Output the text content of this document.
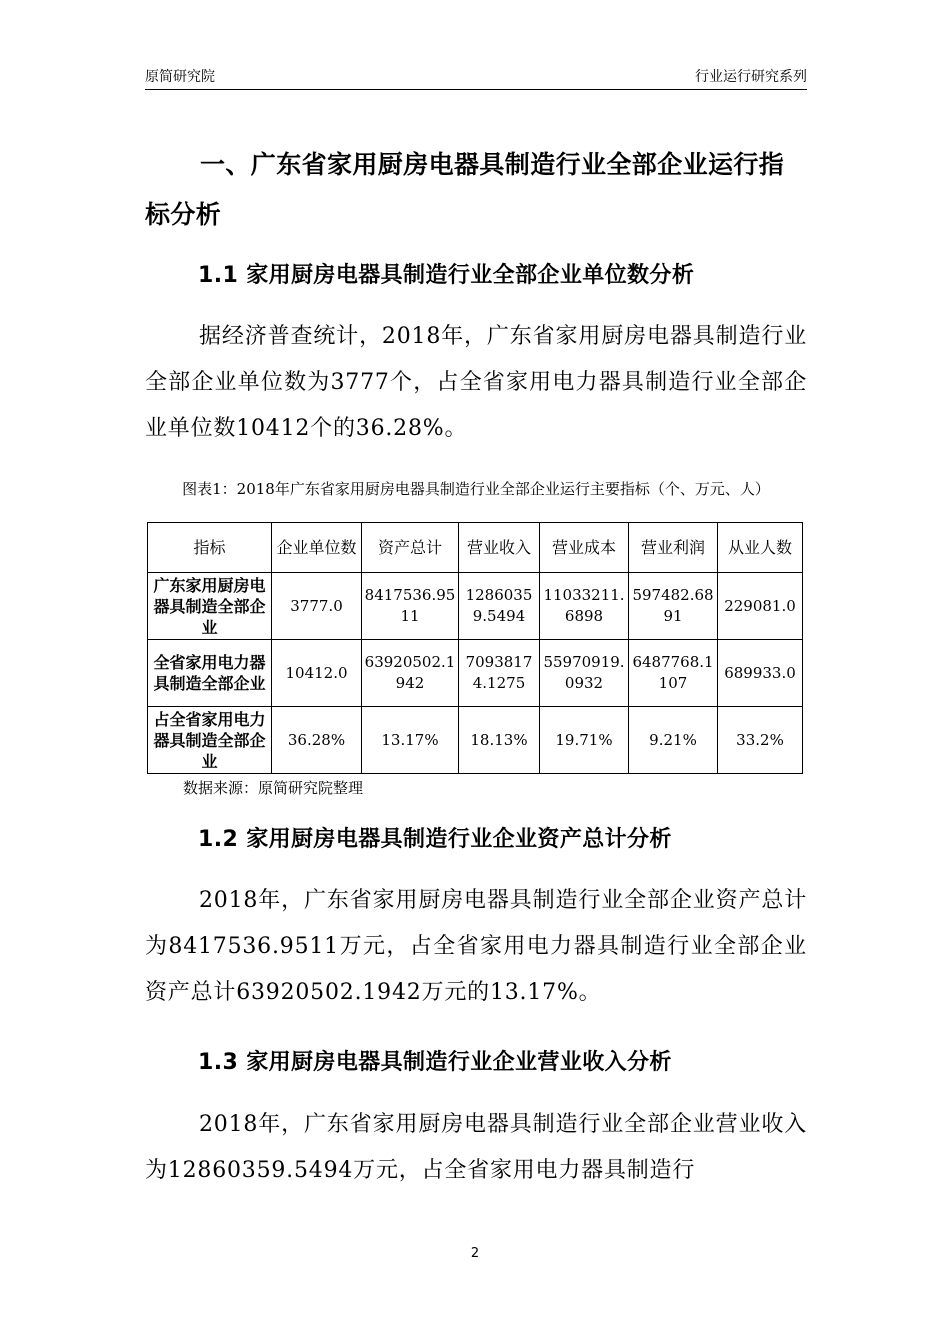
原简研究院	行业运行研究系列
一、广东省家用厨房电器具制造行业全部企业运行指标分析
1.1 家用厨房电器具制造行业全部企业单位数分析
据经济普查统计，2018年，广东省家用厨房电器具制造行业全部企业单位数为3777个，占全省家用电力器具制造行业全部企业单位数10412个的36.28%。
图表1：2018年广东省家用厨房电器具制造行业全部企业运行主要指标（个、万元、人）
指标	企业单位数	资产总计	营业收入	营业成本	营业利润	从业人数
广东家用厨房电器具制造全部企业	3777.0	8417536.9511	12860359.5494	11033211.6898	597482.6891	229081.0
全省家用电力器具制造全部企业	10412.0	63920502.1942	70938174.1275	55970919.0932	6487768.1107	689933.0
占全省家用电力器具制造全部企业	36.28%	13.17%	18.13%	19.71%	9.21%	33.2%
数据来源：原简研究院整理
1.2 家用厨房电器具制造行业企业资产总计分析
2018年，广东省家用厨房电器具制造行业全部企业资产总计为8417536.9511万元，占全省家用电力器具制造行业全部企业资产总计63920502.1942万元的13.17%。
1.3 家用厨房电器具制造行业企业营业收入分析
2018年，广东省家用厨房电器具制造行业全部企业营业收入为12860359.5494万元，占全省家用电力器具制造行
2
